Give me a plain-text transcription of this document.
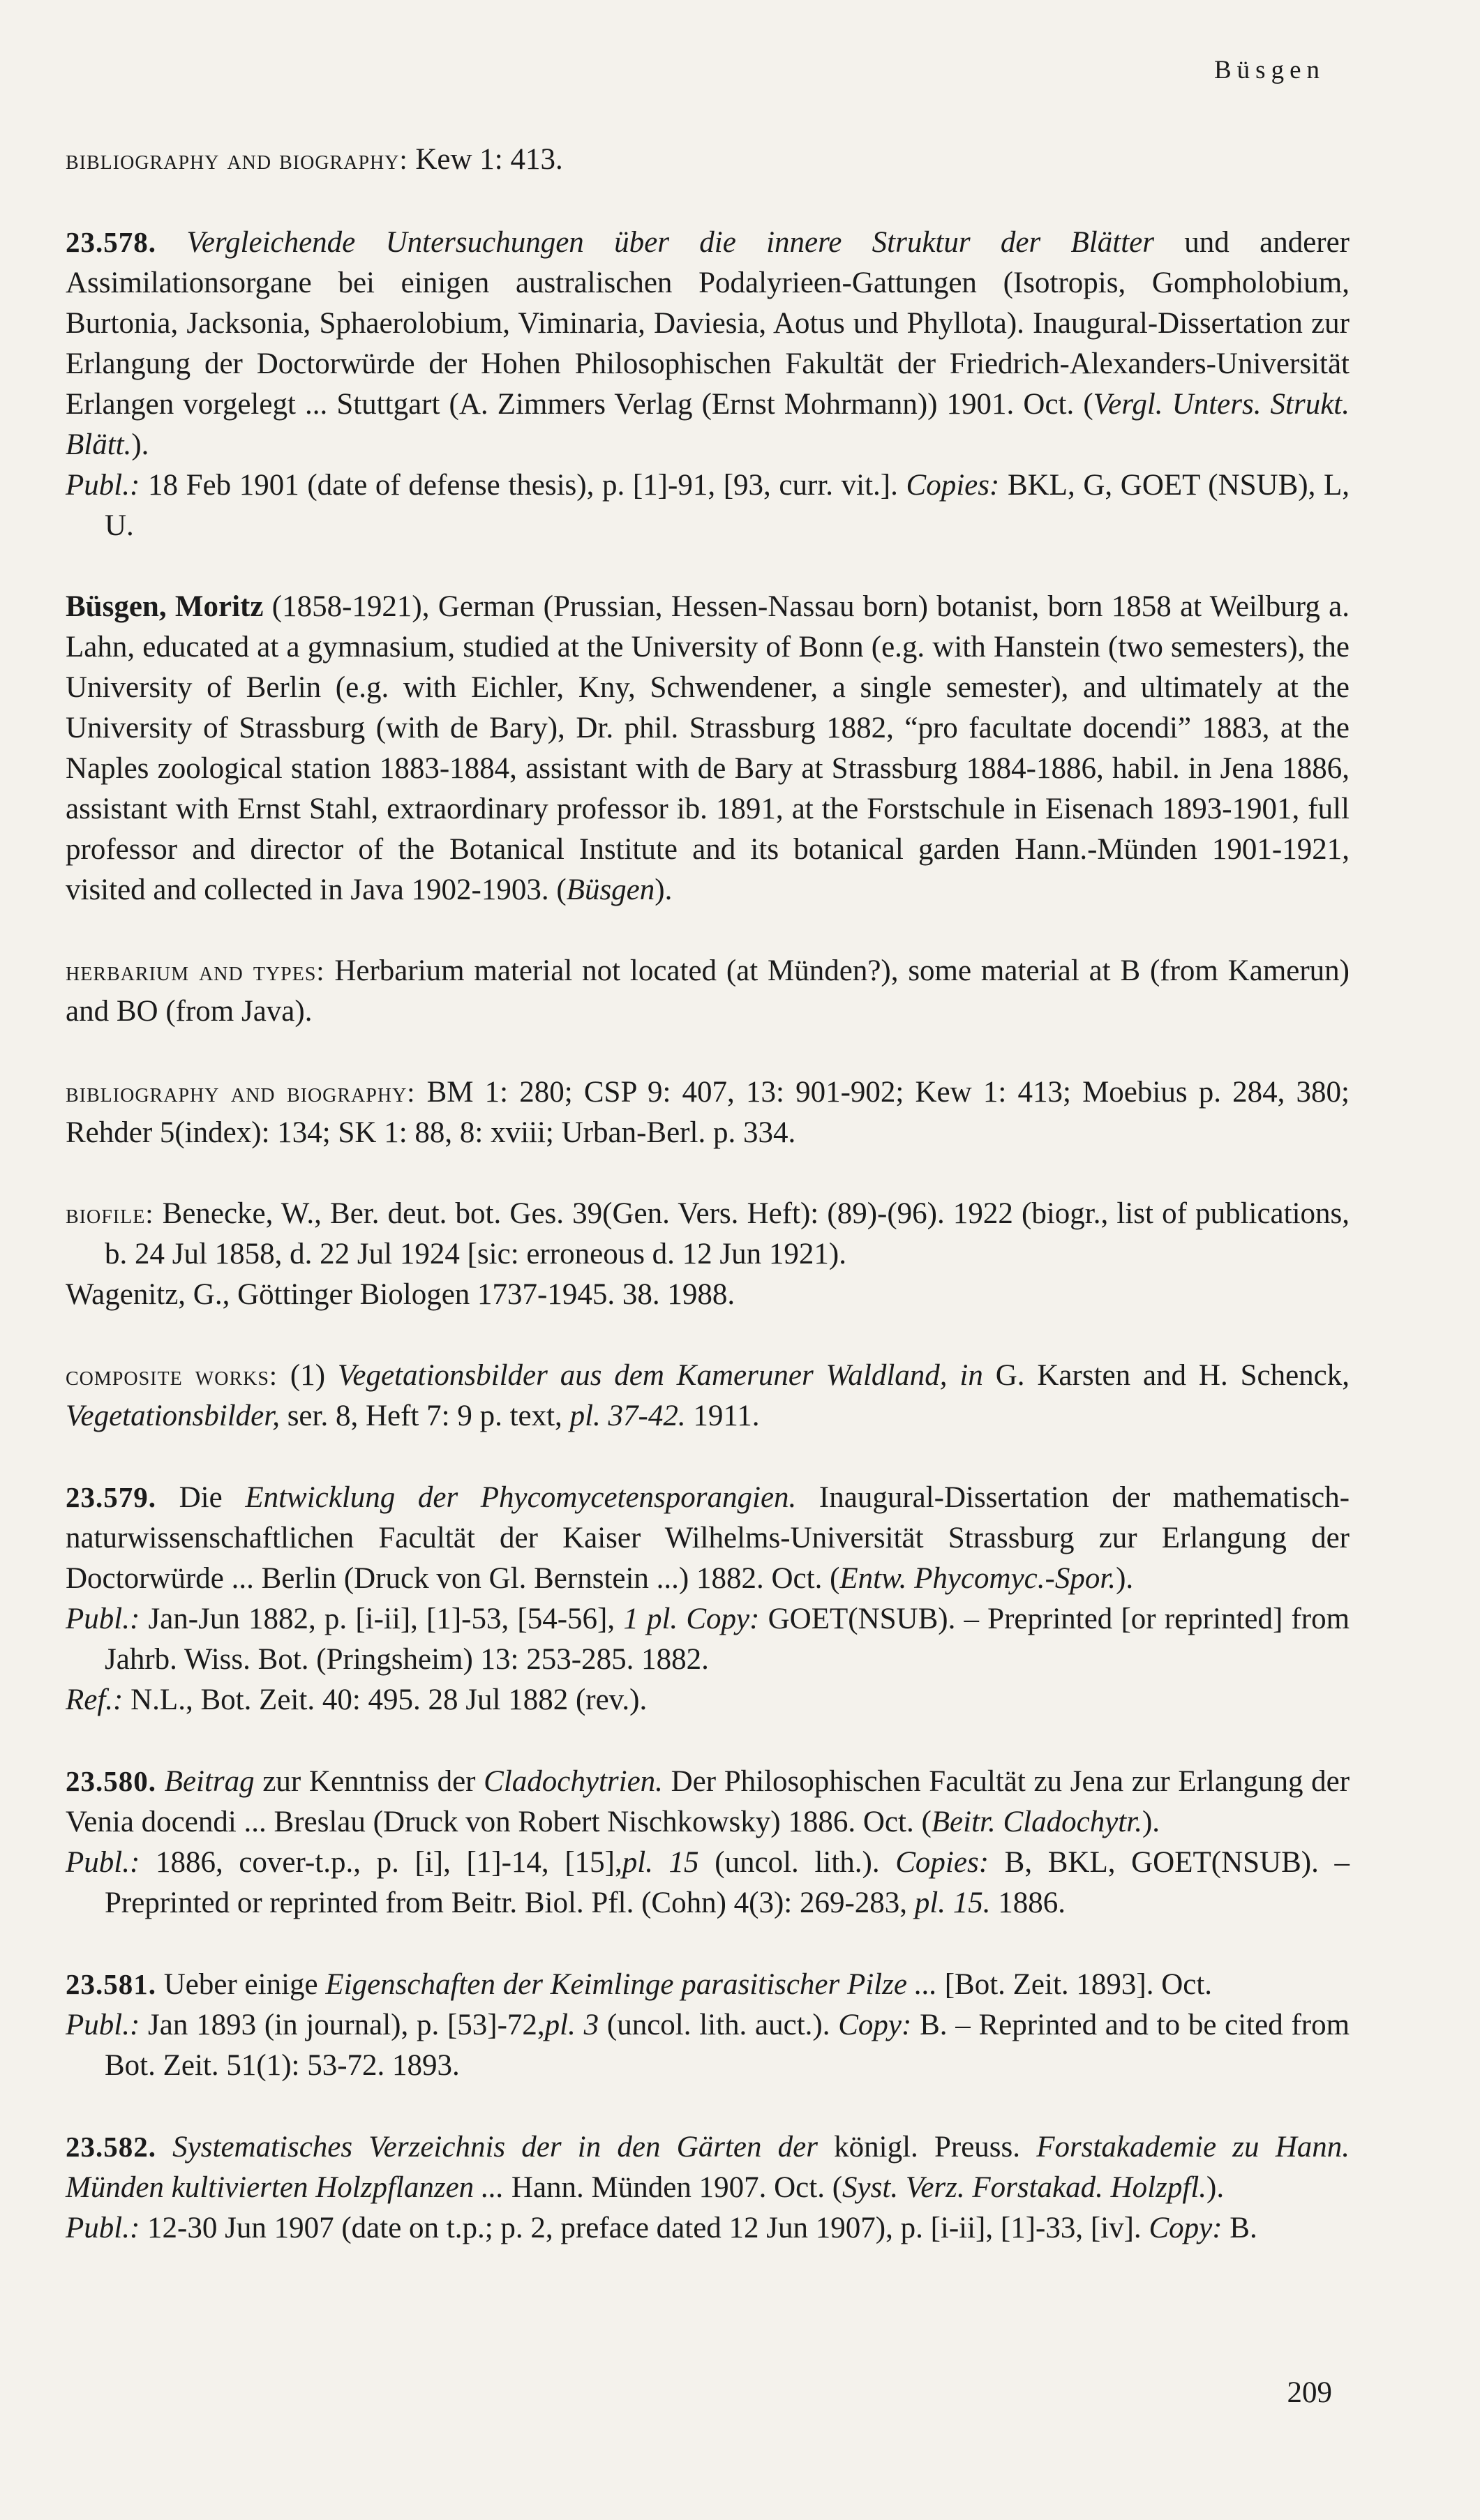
Büsgen
bibliography and biography: Kew 1: 413.
23.578. Vergleichende Untersuchungen über die innere Struktur der Blätter und anderer Assimilationsorgane bei einigen australischen Podalyrieen-Gattungen (Isotropis, Gompholobium, Burtonia, Jacksonia, Sphaerolobium, Viminaria, Daviesia, Aotus und Phyllota). Inaugural-Dissertation zur Erlangung der Doctorwürde der Hohen Philosophischen Fakultät der Friedrich-Alexanders-Universität Erlangen vorgelegt ... Stuttgart (A. Zimmers Verlag (Ernst Mohrmann)) 1901. Oct. (Vergl. Unters. Strukt. Blätt.).
Publ.: 18 Feb 1901 (date of defense thesis), p. [1]-91, [93, curr. vit.]. Copies: BKL, G, GOET (NSUB), L, U.
Büsgen, Moritz (1858-1921), German (Prussian, Hessen-Nassau born) botanist, born 1858 at Weilburg a. Lahn, educated at a gymnasium, studied at the University of Bonn (e.g. with Hanstein (two semesters), the University of Berlin (e.g. with Eichler, Kny, Schwendener, a single semester), and ultimately at the University of Strassburg (with de Bary), Dr. phil. Strassburg 1882, “pro facultate docendi” 1883, at the Naples zoological station 1883-1884, assistant with de Bary at Strassburg 1884-1886, habil. in Jena 1886, assistant with Ernst Stahl, extraordinary professor ib. 1891, at the Forstschule in Eisenach 1893-1901, full professor and director of the Botanical Institute and its botanical garden Hann.-Münden 1901-1921, visited and collected in Java 1902-1903. (Büsgen).
herbarium and types: Herbarium material not located (at Münden?), some material at B (from Kamerun) and BO (from Java).
bibliography and biography: BM 1: 280; CSP 9: 407, 13: 901-902; Kew 1: 413; Moebius p. 284, 380; Rehder 5(index): 134; SK 1: 88, 8: xviii; Urban-Berl. p. 334.
biofile: Benecke, W., Ber. deut. bot. Ges. 39(Gen. Vers. Heft): (89)-(96). 1922 (biogr., list of publications, b. 24 Jul 1858, d. 22 Jul 1924 [sic: erroneous d. 12 Jun 1921).
Wagenitz, G., Göttinger Biologen 1737-1945. 38. 1988.
composite works: (1) Vegetationsbilder aus dem Kameruner Waldland, in G. Karsten and H. Schenck, Vegetationsbilder, ser. 8, Heft 7: 9 p. text, pl. 37-42. 1911.
23.579. Die Entwicklung der Phycomycetensporangien. Inaugural-Dissertation der mathematisch-naturwissenschaftlichen Facultät der Kaiser Wilhelms-Universität Strassburg zur Erlangung der Doctorwürde ... Berlin (Druck von Gl. Bernstein ...) 1882. Oct. (Entw. Phycomyc.-Spor.).
Publ.: Jan-Jun 1882, p. [i-ii], [1]-53, [54-56], 1 pl. Copy: GOET(NSUB). – Preprinted [or reprinted] from Jahrb. Wiss. Bot. (Pringsheim) 13: 253-285. 1882.
Ref.: N.L., Bot. Zeit. 40: 495. 28 Jul 1882 (rev.).
23.580. Beitrag zur Kenntniss der Cladochytrien. Der Philosophischen Facultät zu Jena zur Erlangung der Venia docendi ... Breslau (Druck von Robert Nischkowsky) 1886. Oct. (Beitr. Cladochytr.).
Publ.: 1886, cover-t.p., p. [i], [1]-14, [15],pl. 15 (uncol. lith.). Copies: B, BKL, GOET(NSUB). – Preprinted or reprinted from Beitr. Biol. Pfl. (Cohn) 4(3): 269-283, pl. 15. 1886.
23.581. Ueber einige Eigenschaften der Keimlinge parasitischer Pilze ... [Bot. Zeit. 1893]. Oct.
Publ.: Jan 1893 (in journal), p. [53]-72,pl. 3 (uncol. lith. auct.). Copy: B. – Reprinted and to be cited from Bot. Zeit. 51(1): 53-72. 1893.
23.582. Systematisches Verzeichnis der in den Gärten der königl. Preuss. Forstakademie zu Hann. Münden kultivierten Holzpflanzen ... Hann. Münden 1907. Oct. (Syst. Verz. Forstakad. Holzpfl.).
Publ.: 12-30 Jun 1907 (date on t.p.; p. 2, preface dated 12 Jun 1907), p. [i-ii], [1]-33, [iv]. Copy: B.
209
